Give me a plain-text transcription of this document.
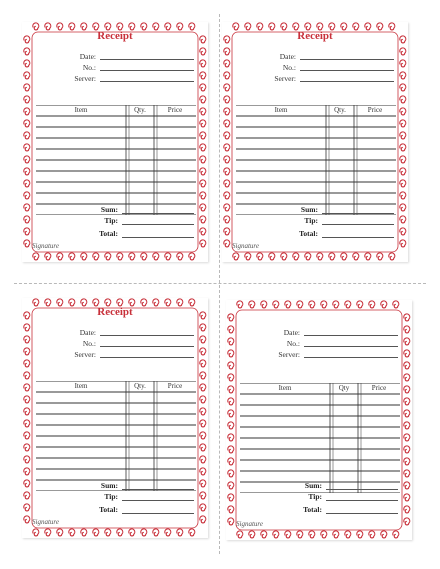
Receipt
Date:
No.:
Server:
Item	Qty.	Price
Sum:
Tip:
Total:
Signature
Receipt
Date:
No.:
Server:
Item	Qty.	Price
Sum:
Tip:
Total:
Signature
Receipt
Date:
No.:
Server:
Item	Qty.	Price
Sum:
Tip:
Total:
Signature
Date:
No.:
Server:
Item	Qty	Price
Sum:
Tip:
Total:
Signature
